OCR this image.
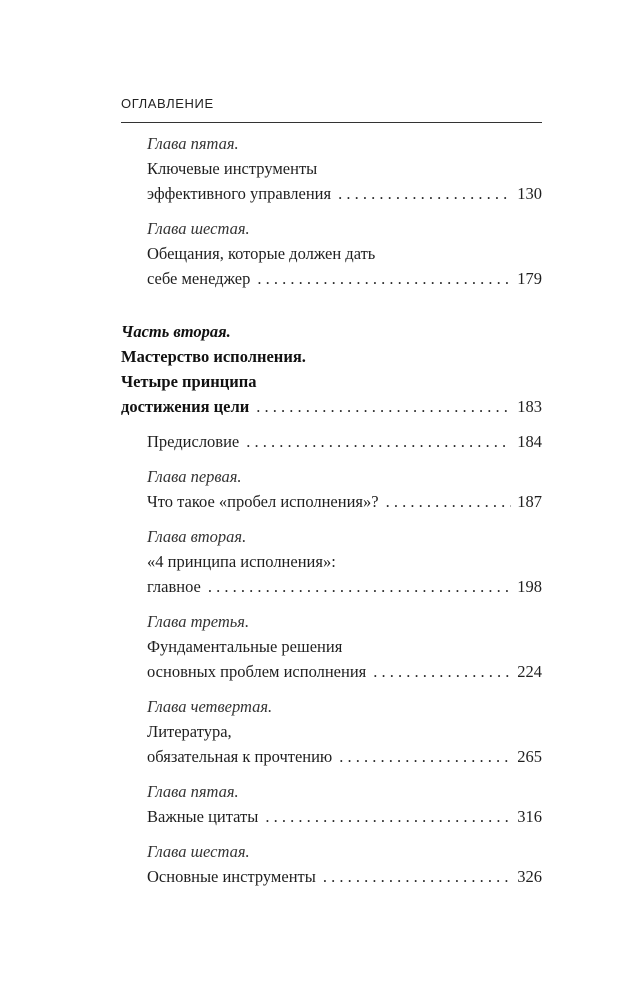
ОГЛАВЛЕНИЕ
Глава пятая.
Ключевые инструменты
эффективного управления . . .	130
Глава шестая.
Обещания, которые должен дать
себе менеджер . . .	179
Часть вторая.
Мастерство исполнения.
Четыре принципа
достижения цели . . .	183
Предисловие . . .	184
Глава первая.
Что такое «пробел исполнения»? . . .	187
Глава вторая.
«4 принципа исполнения»:
главное . . .	198
Глава третья.
Фундаментальные решения
основных проблем исполнения . . .	224
Глава четвертая.
Литература,
обязательная к прочтению . . .	265
Глава пятая.
Важные цитаты . . .	316
Глава шестая.
Основные инструменты . . .	326
